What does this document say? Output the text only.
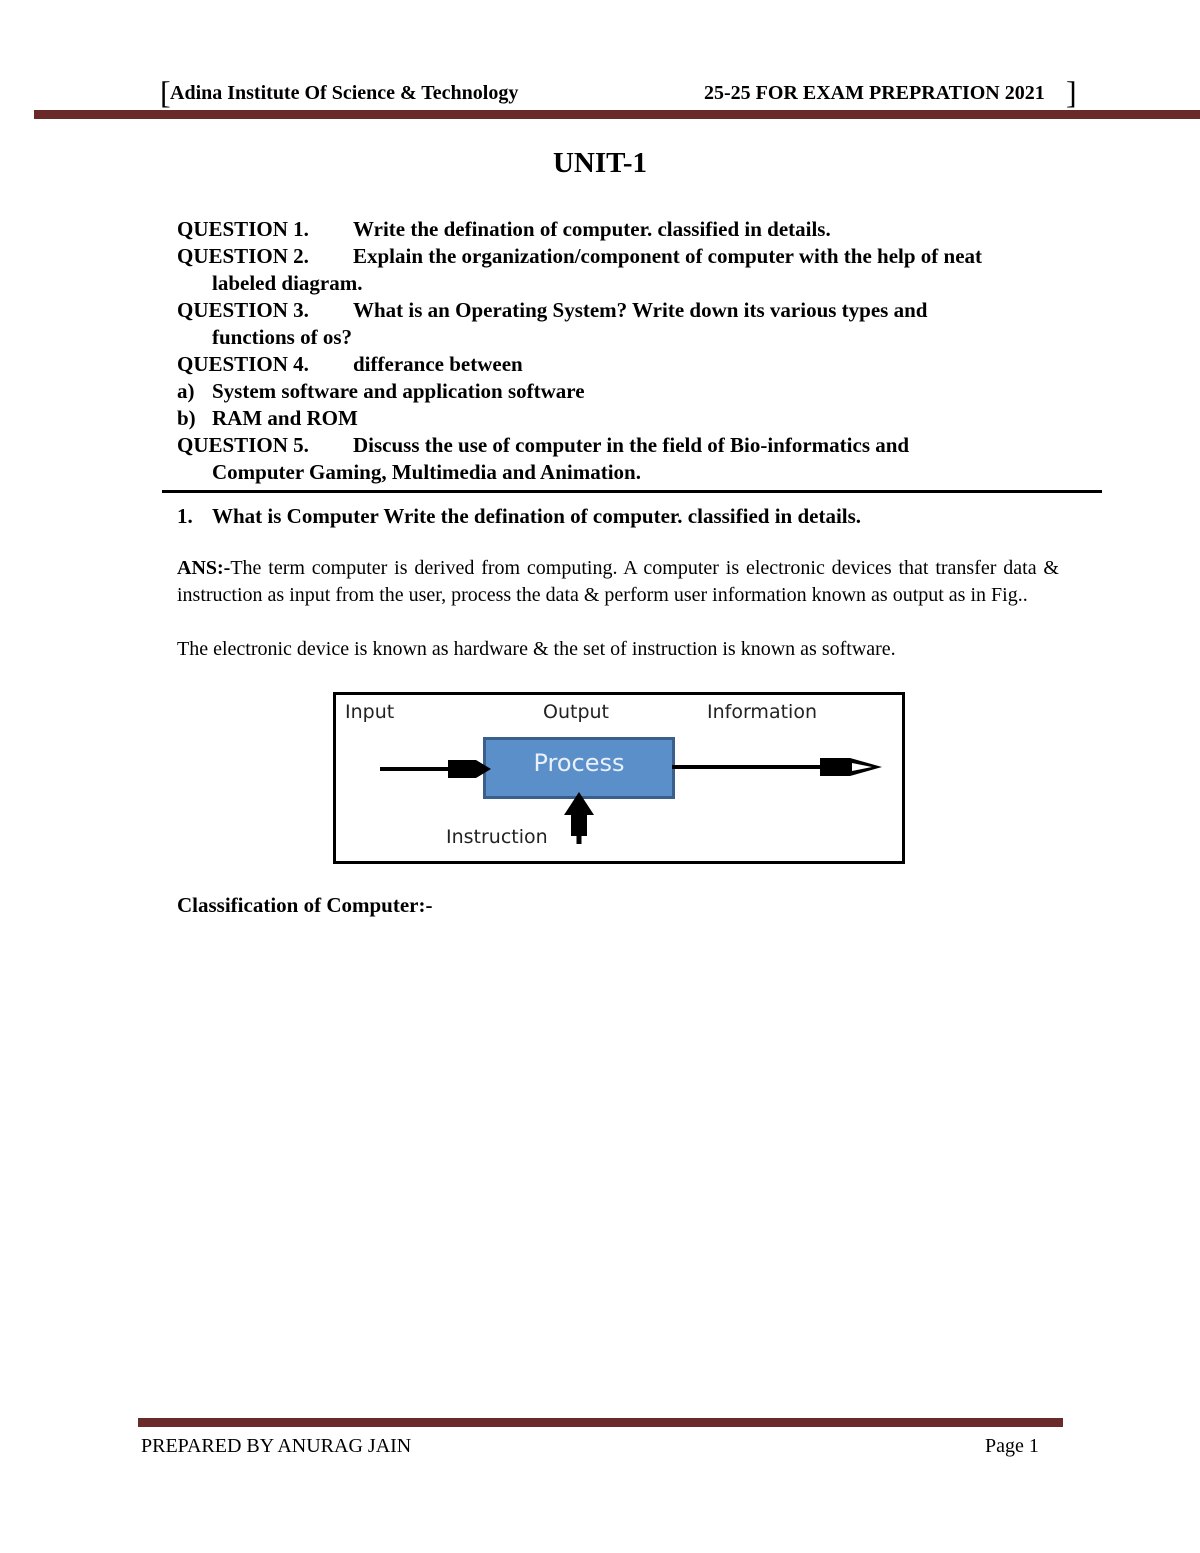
[ Adina Institute Of Science & Technology	25-25 FOR EXAM PREPRATION 2021 ]
UNIT-1
QUESTION 1. Write the defination of computer. classified in details.
QUESTION 2. Explain the organization/component of computer with the help of neat
labeled diagram.
QUESTION 3. What is an Operating System? Write down its various types and
functions of os?
QUESTION 4. differance between
a) System software and application software
b) RAM and ROM
QUESTION 5. Discuss the use of computer in the field of Bio-informatics and
Computer Gaming, Multimedia and Animation.
1. What is Computer Write the defination of computer. classified in details.
ANS:-The term computer is derived from computing. A computer is electronic devices that transfer data & instruction as input from the user, process the data & perform user information known as output as in Fig..
The electronic device is known as hardware & the set of instruction is known as software.
Input	Output	Information
Process
Instruction
Classification of Computer:-
PREPARED BY ANURAG JAIN	Page 1
